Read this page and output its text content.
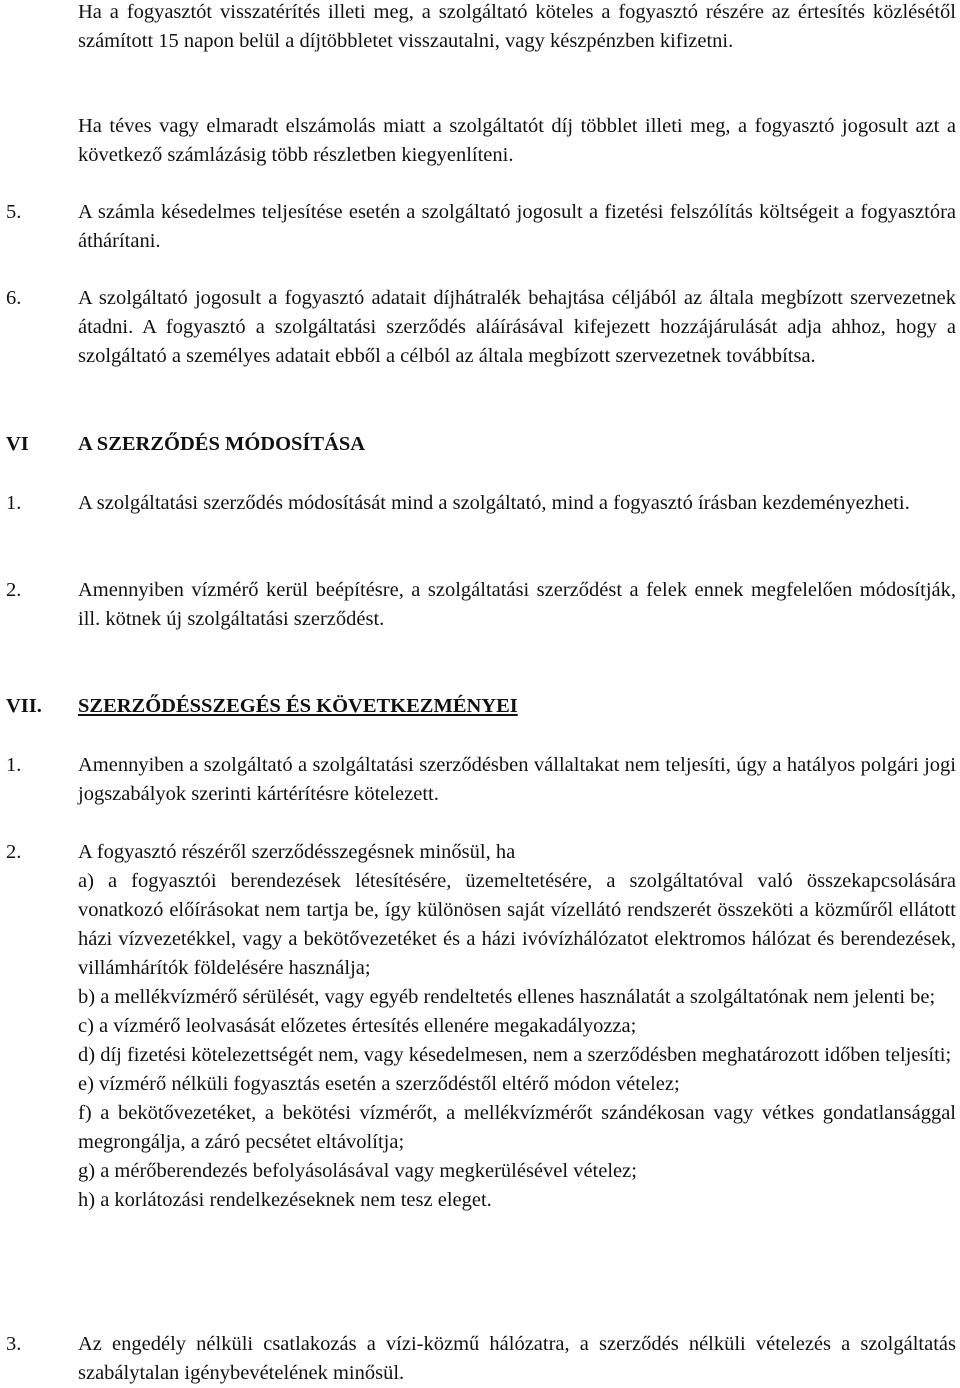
Ha a fogyasztót visszatérítés illeti meg, a szolgáltató köteles a fogyasztó részére az értesítés közlésétől számított 15 napon belül a díjtöbbletet visszautalni, vagy készpénzben kifizetni.

Ha téves vagy elmaradt elszámolás miatt a szolgáltatót díj többlet illeti meg, a fogyasztó jogosult azt a következő számlázásig több részletben kiegyenlíteni.

5.	A számla késedelmes teljesítése esetén a szolgáltató jogosult a fizetési felszólítás költségeit a fogyasztóra áthárítani.

6.	A szolgáltató jogosult a fogyasztó adatait díjhátralék behajtása céljából az általa megbízott szervezetnek átadni. A fogyasztó a szolgáltatási szerződés aláírásával kifejezett hozzájárulását adja ahhoz, hogy a szolgáltató a személyes adatait ebből a célból az általa megbízott szervezetnek továbbítsa.

VI A SZERZŐDÉS MÓDOSÍTÁSA
1.	A szolgáltatási szerződés módosítását mind a szolgáltató, mind a fogyasztó írásban kezdeményezheti.

2.	Amennyiben vízmérő kerül beépítésre, a szolgáltatási szerződést a felek ennek megfelelően módosítják, ill. kötnek új szolgáltatási szerződést.

VII. SZERZŐDÉSSZEGÉS ÉS KÖVETKEZMÉNYEI
1.	Amennyiben a szolgáltató a szolgáltatási szerződésben vállaltakat nem teljesíti, úgy a hatályos polgári jogi jogszabályok szerinti kártérítésre kötelezett.

2.	A fogyasztó részéről szerződésszegésnek minősül, ha
a) a fogyasztói berendezések létesítésére, üzemeltetésére, a szolgáltatóval való összekapcsolására vonatkozó előírásokat nem tartja be, így különösen saját vízellátó rendszerét összeköti a közműről ellátott házi vízvezetékkel, vagy a bekötővezetéket és a házi ivóvízhálózatot elektromos hálózat és berendezések, villámhárítók földelésére használja;
b) a mellékvízmérő sérülését, vagy egyéb rendeltetés ellenes használatát a szolgáltatónak nem jelenti be;
c) a vízmérő leolvasását előzetes értesítés ellenére megakadályozza;
d) díj fizetési kötelezettségét nem, vagy késedelmesen, nem a szerződésben meghatározott időben teljesíti;
e) vízmérő nélküli fogyasztás esetén a szerződéstől eltérő módon vételez;
f) a bekötővezetéket, a bekötési vízmérőt, a mellékvízmérőt szándékosan vagy vétkes gondatlansággal megrongálja, a záró pecsétet eltávolítja;
g) a mérőberendezés befolyásolásával vagy megkerülésével vételez;
h) a korlátozási rendelkezéseknek nem tesz eleget.
3.	Az engedély nélküli csatlakozás a vízi-közmű hálózatra, a szerződés nélküli vételezés a szolgáltatás szabálytalan igénybevételének minősül.
